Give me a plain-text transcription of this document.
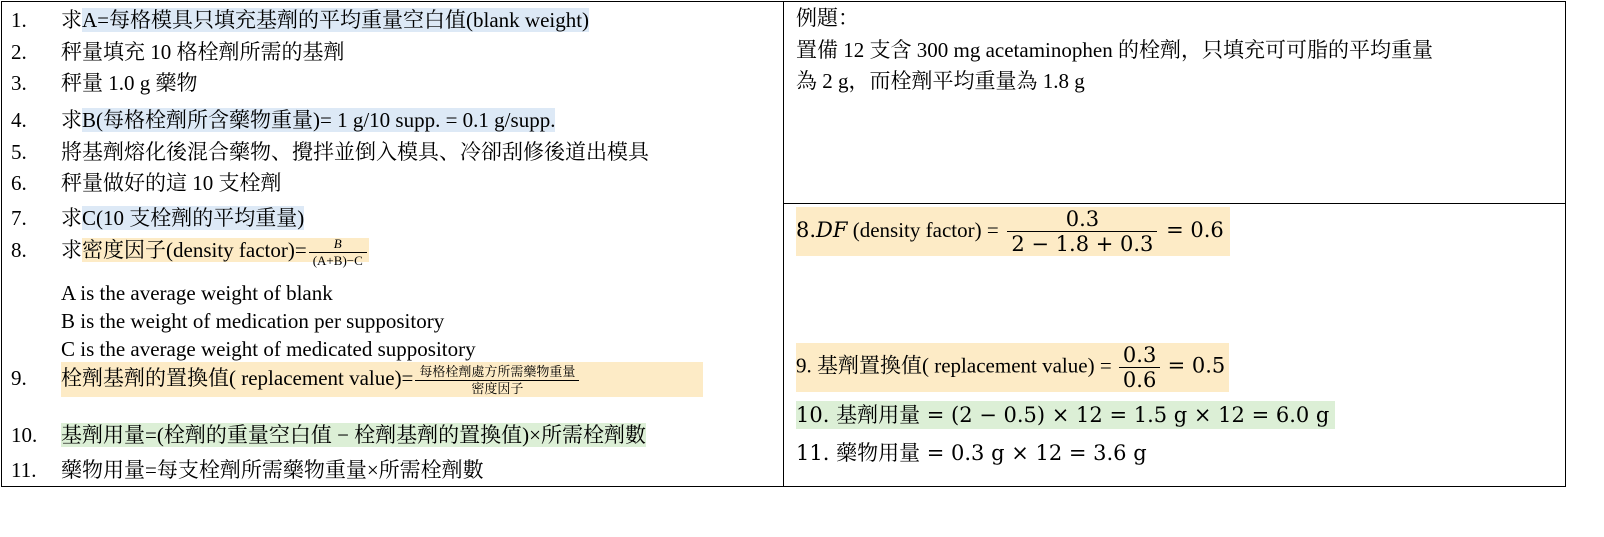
1. 求A=每格模具只填充基劑的平均重量空白值(blank weight)
2. 秤量填充 10 格栓劑所需的基劑
3. 秤量 1.0 g 藥物
4. 求B(每格栓劑所含藥物重量)= 1 g/10 supp. = 0.1 g/supp.
5. 將基劑熔化後混合藥物、攪拌並倒入模具、冷卻刮修後道出模具
6. 秤量做好的這 10 支栓劑
7. 求C(10 支栓劑的平均重量)
8. 求密度因子(density factor)= $\frac{B}{(A+B)-C}$
A is the average weight of blank
B is the weight of medication per suppository
C is the average weight of medicated suppository
9. 栓劑基劑的置換值( replacement value)= $\frac{\text{每格栓劑處方所需藥物重量}}{\text{密度因子}}$
10. 基劑用量=(栓劑的重量空白值 − 栓劑基劑的置換值)×所需栓劑數
11. 藥物用量=每支栓劑所需藥物重量×所需栓劑數
例題：
置備 12 支含 300 mg acetaminophen 的栓劑，只填充可可脂的平均重量
為 2 g，而栓劑平均重量為 1.8 g
8.DF (density factor) = $\frac{0.3}{2 - 1.8 + 0.3} = 0.6$
9. 基劑置換值( replacement value) = $\frac{0.3}{0.6} = 0.5$
10. 基劑用量 = (2 − 0.5) × 12 = 1.5 g × 12 = 6.0 g
11. 藥物用量 = 0.3 g × 12 = 3.6 g
